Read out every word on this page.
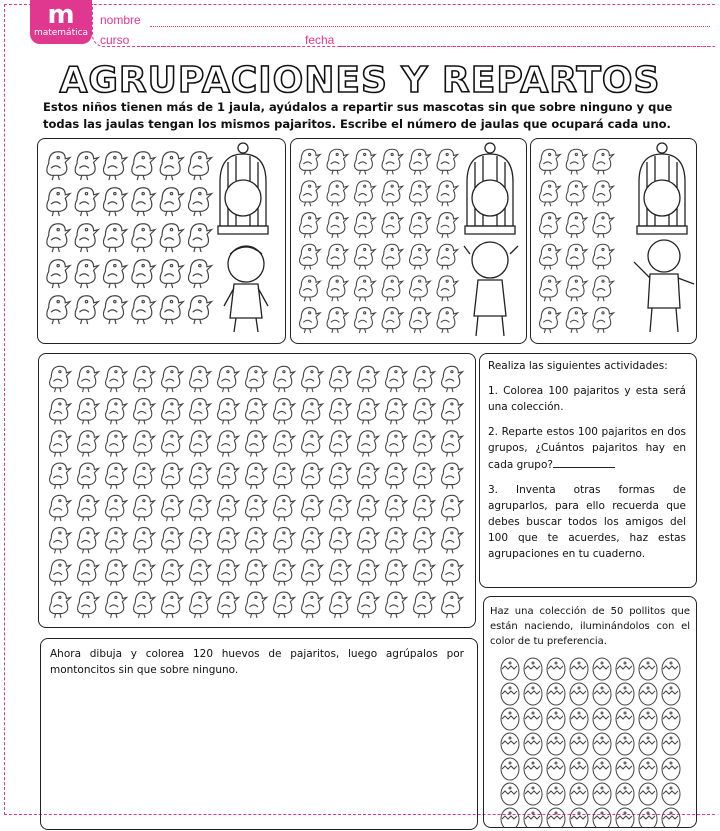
m
matemática
nombre
curso	fecha
AGRUPACIONES Y REPARTOS
Estos niños tienen más de 1 jaula, ayúdalos a repartir sus mascotas sin que sobre ninguno y que todas las jaulas tengan los mismos pajaritos. Escribe el número de jaulas que ocupará cada uno.

Realiza las siguientes actividades:

1. Colorea 100 pajaritos y esta será una colección.

2. Reparte estos 100 pajaritos en dos grupos, ¿Cuántos pajaritos hay en cada grupo?

3. Inventa otras formas de agruparlos, para ello recuerda que debes buscar todos los amigos del 100 que te acuerdes, haz estas agrupaciones en tu cuaderno.

Ahora dibuja y colorea 120 huevos de pajaritos, luego agrúpalos por montoncitos sin que sobre ninguno.
Haz una colección de 50 pollitos que están naciendo, iluminándolos con el color de tu preferencia.
